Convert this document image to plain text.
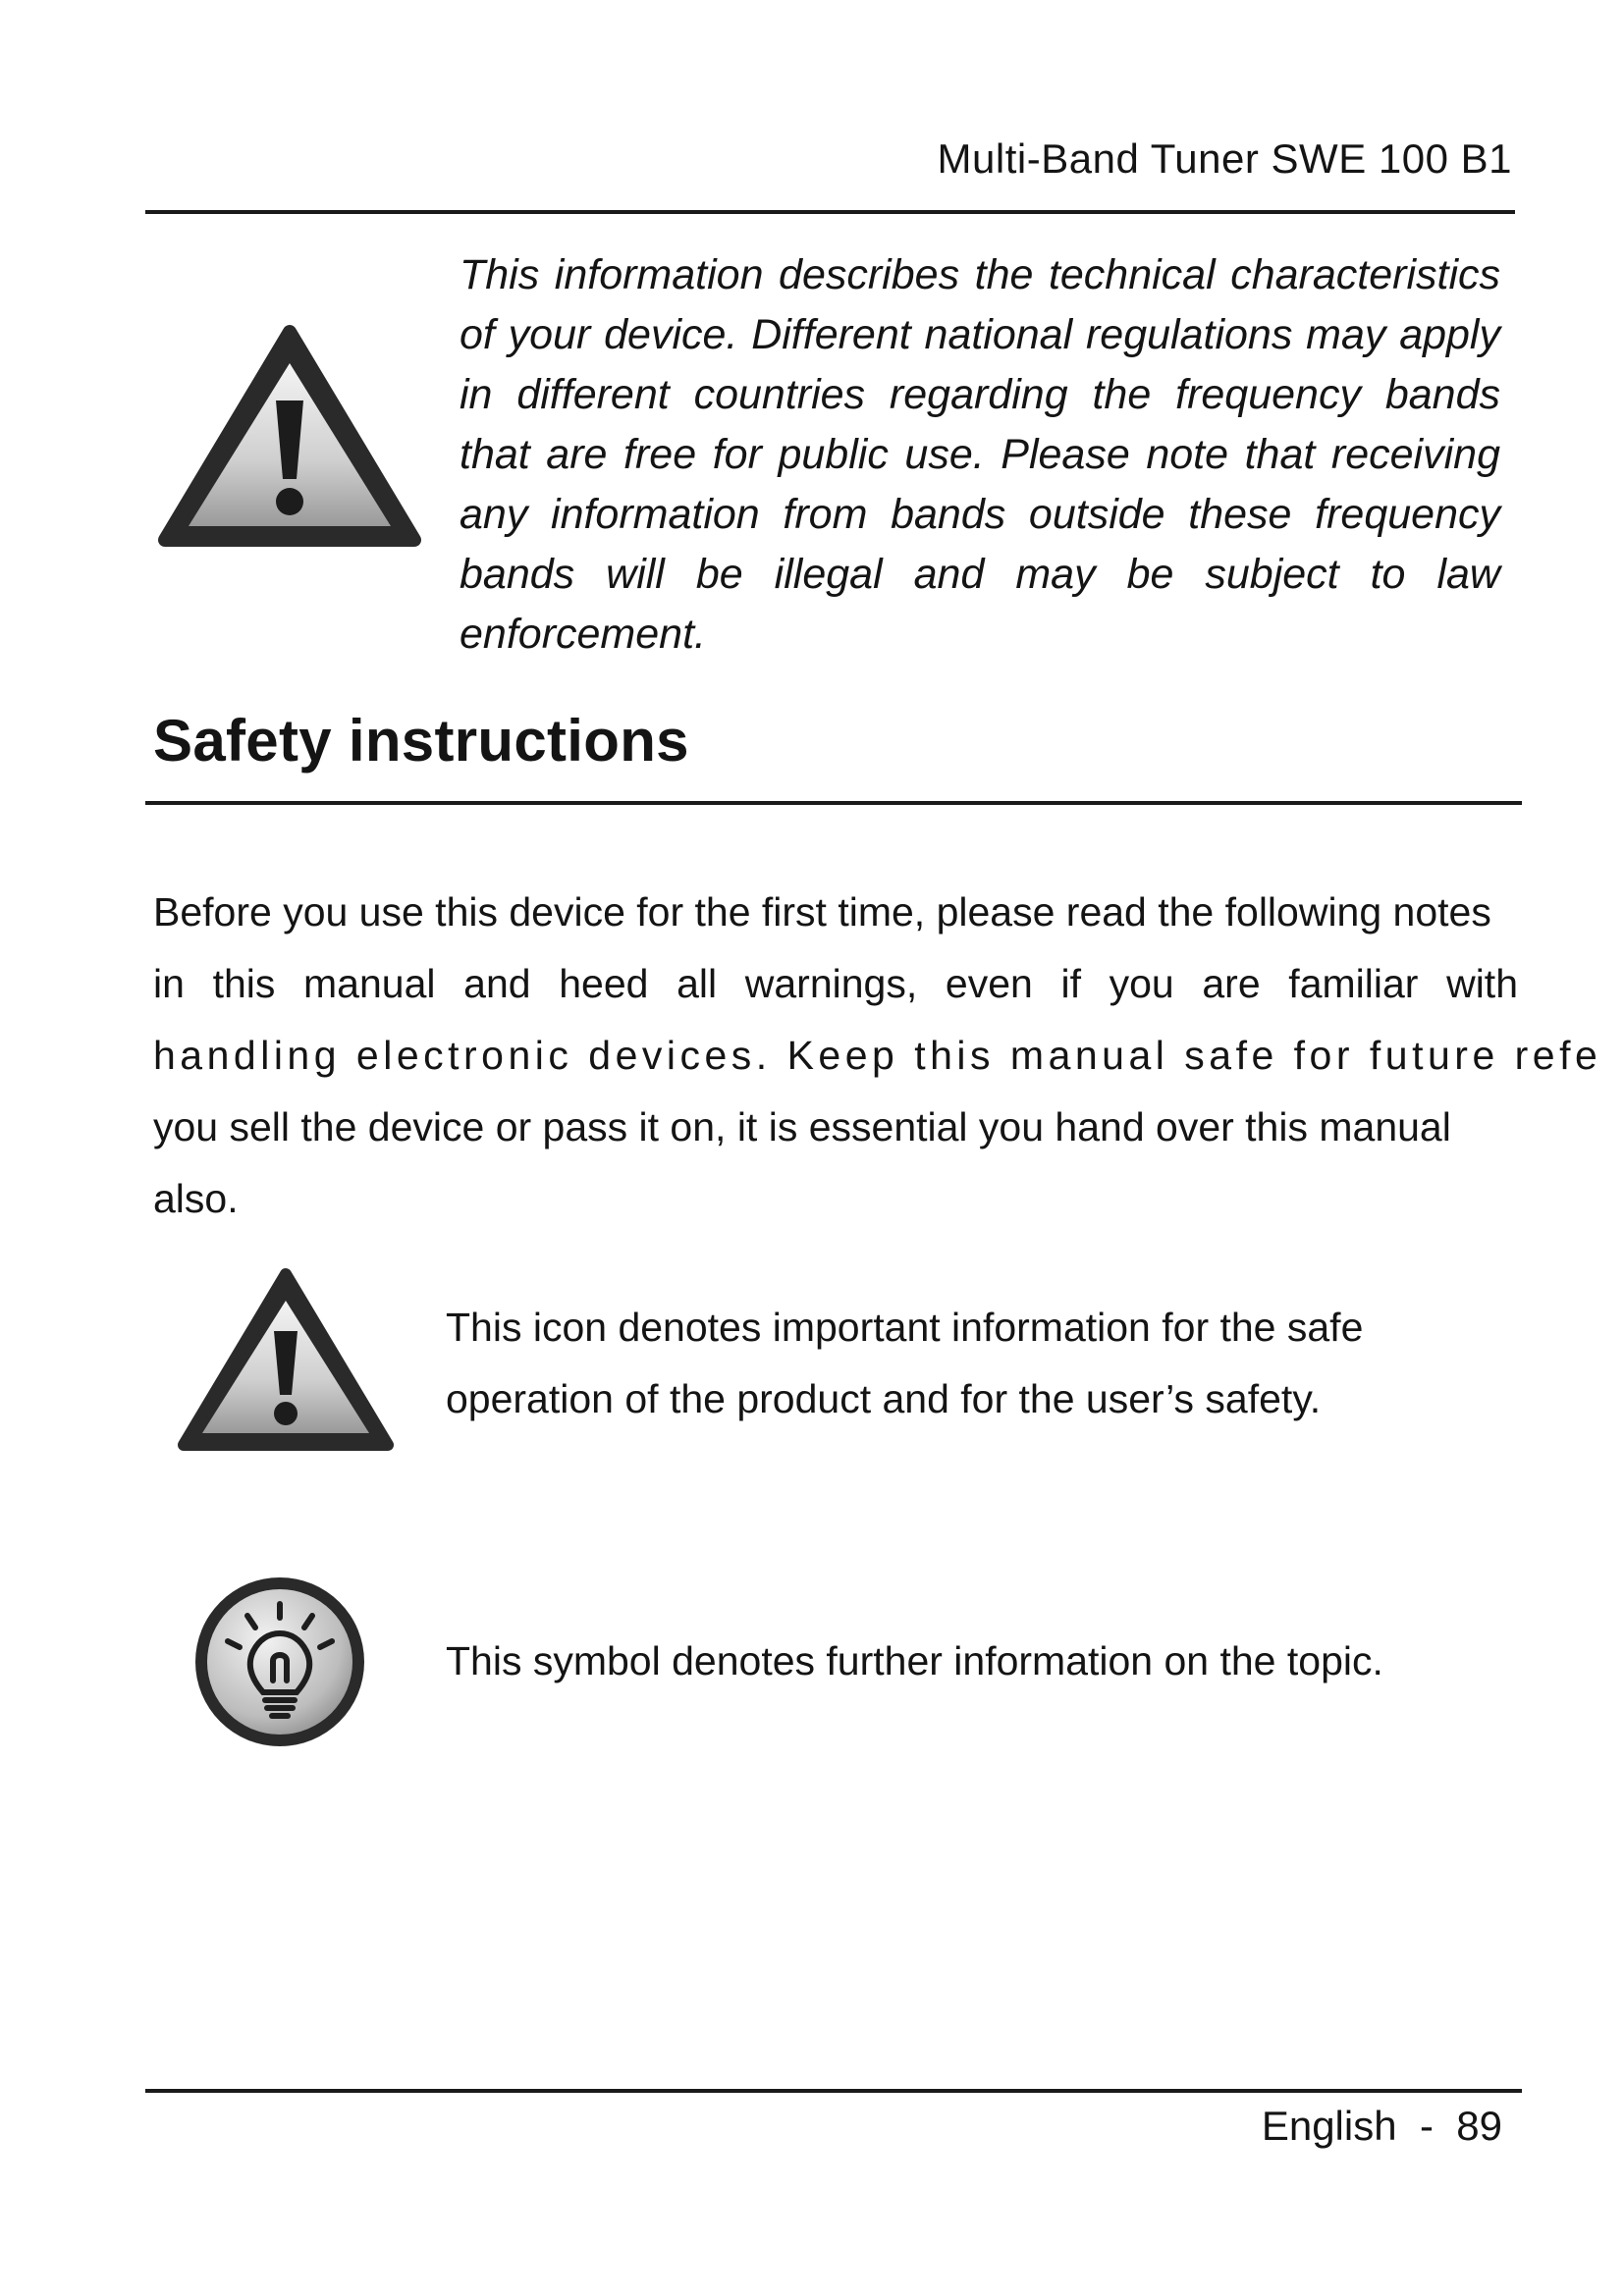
Multi-Band Tuner SWE 100 B1
This information describes the technical characteristics of your device. Different national regulations may apply in different countries regarding the frequency bands that are free for public use. Please note that receiving any information from bands outside these frequency bands will be illegal and may be subject to law enforcement.
Safety instructions
Before you use this device for the first time, please read the following notes
in this manual and heed all warnings, even if you are familiar with
handling electronic devices. Keep this manual safe for future refe
you sell the device or pass it on, it is essential you hand over this manual
also.
This icon denotes important information for the safe
operation of the product and for the user’s safety.
This symbol denotes further information on the topic.
English - 89
